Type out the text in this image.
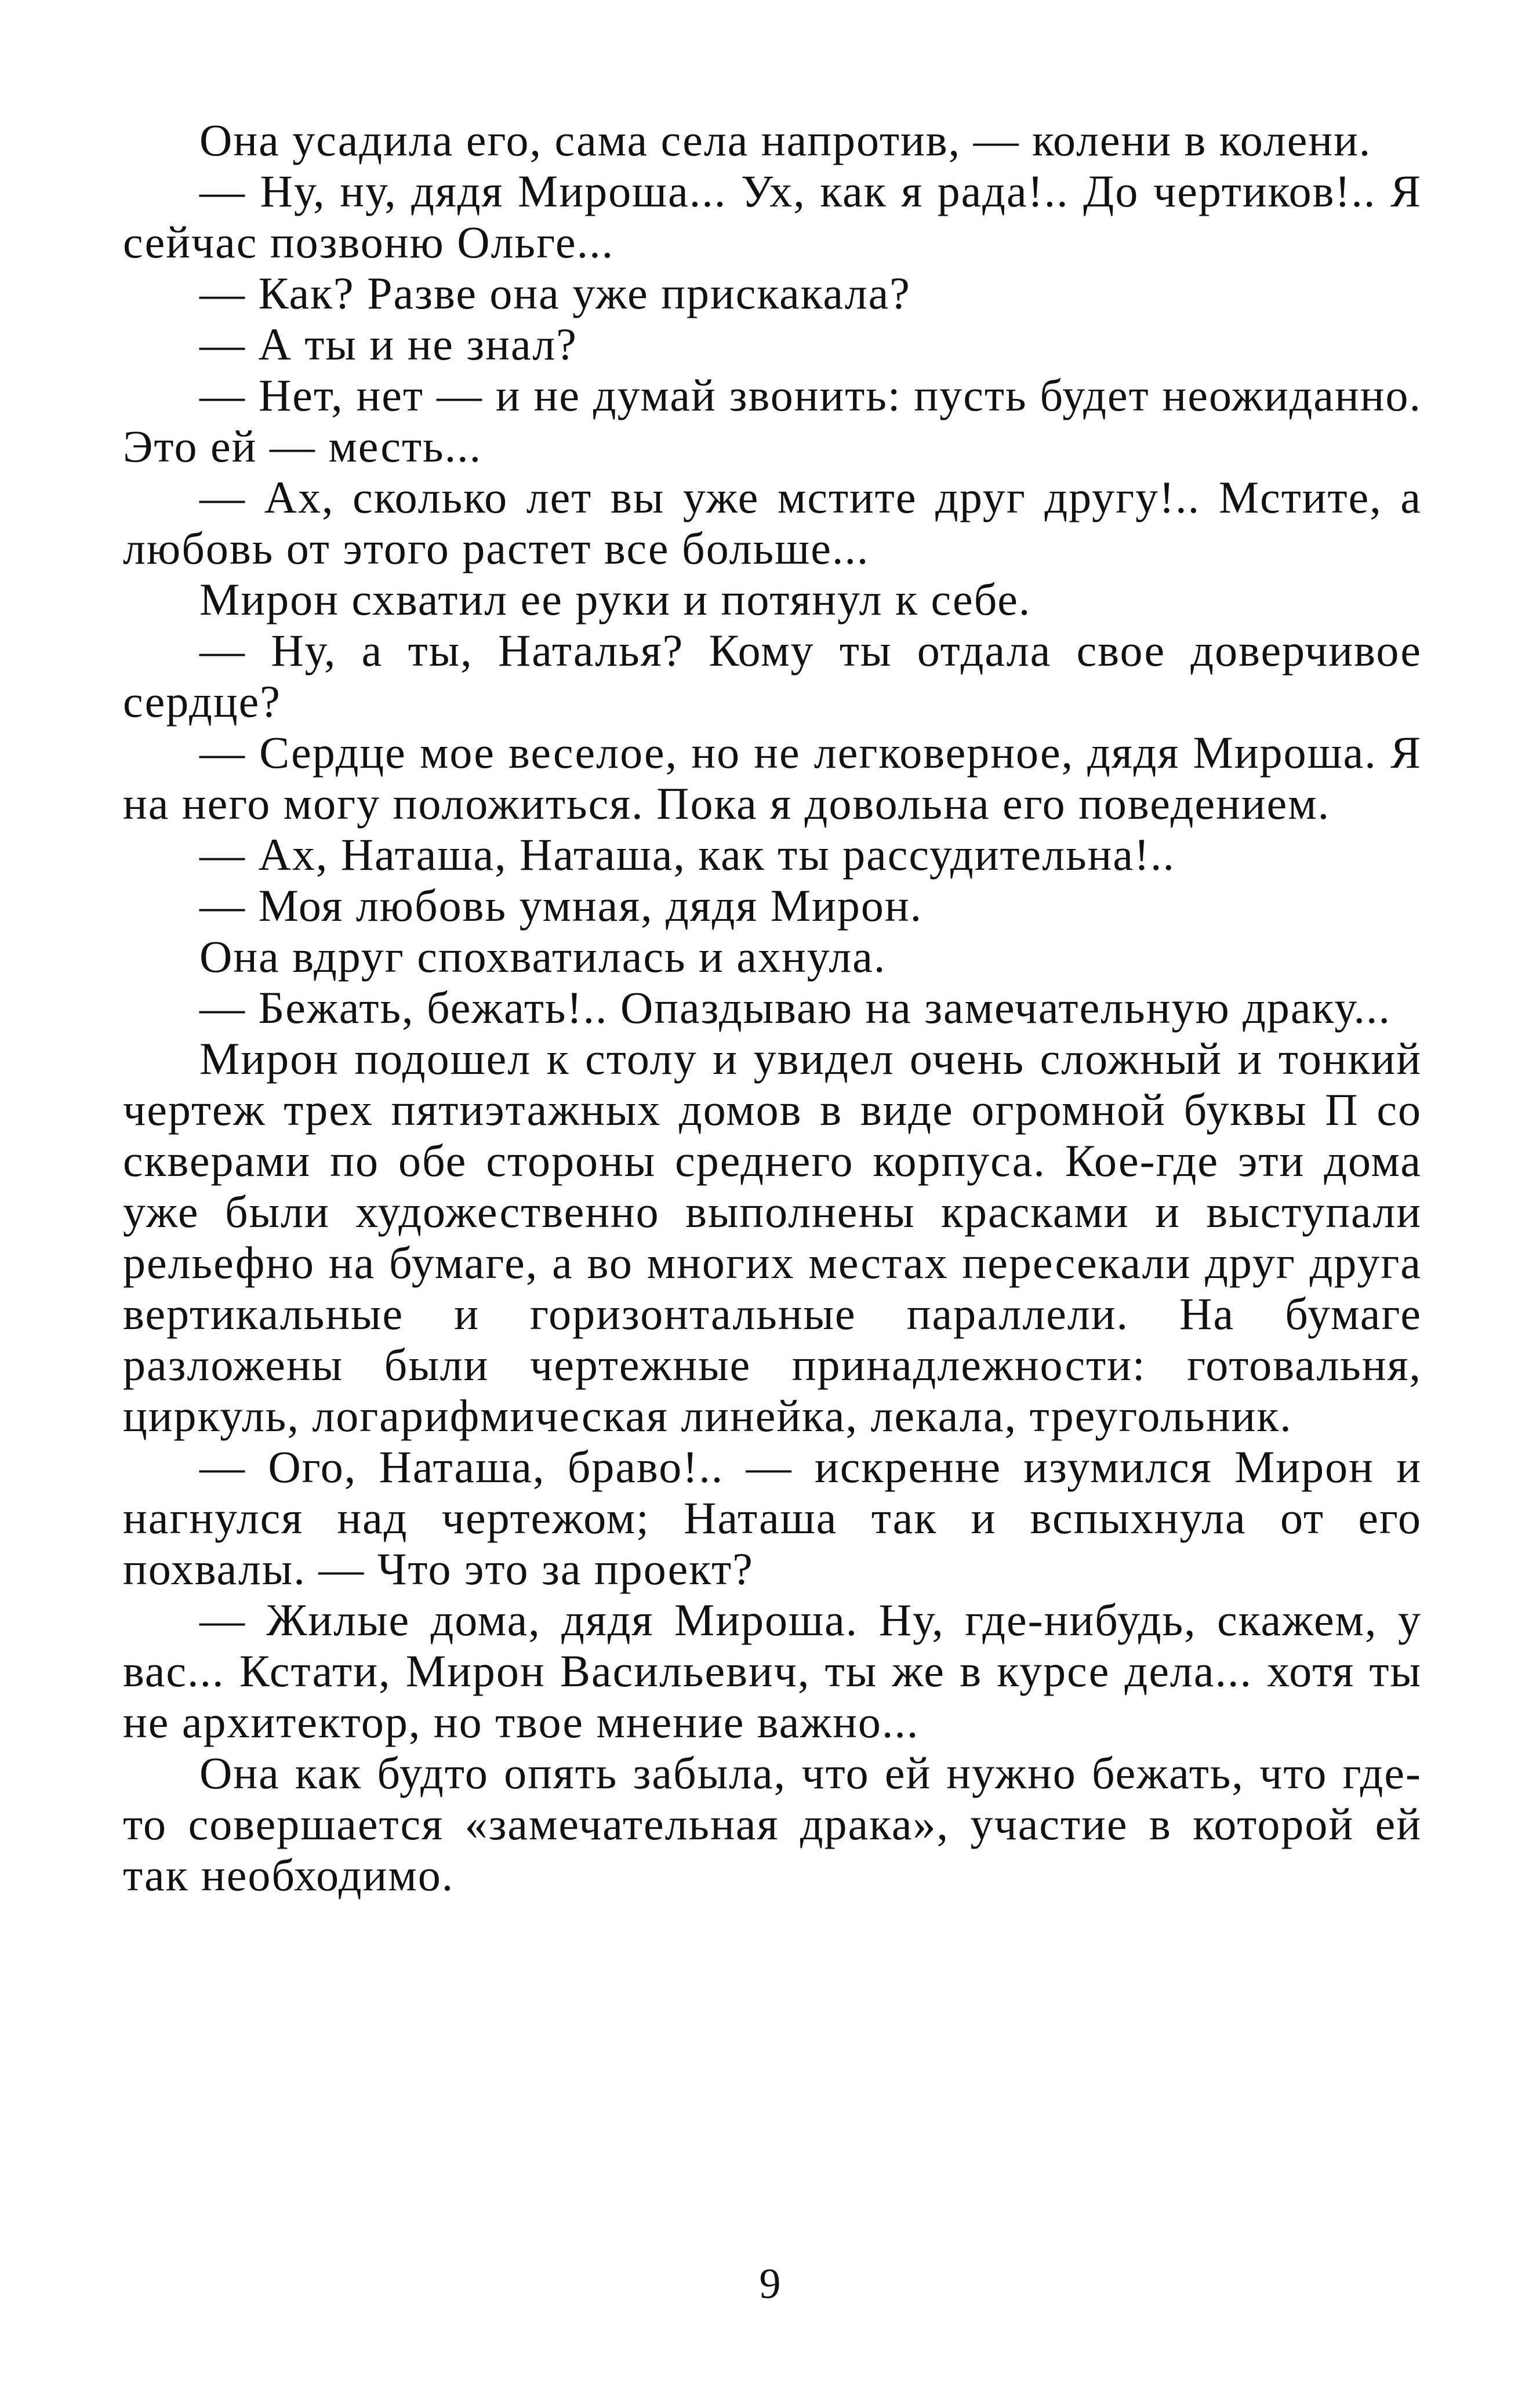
Она усадила его, сама села напротив, — колени в колени.

— Ну, ну, дядя Мироша... Ух, как я рада!.. До чертиков!.. Я сейчас позвоню Ольге...

— Как? Разве она уже прискакала?

— А ты и не знал?

— Нет, нет — и не думай звонить: пусть будет неожиданно. Это ей — месть...

— Ах, сколько лет вы уже мстите друг другу!.. Мстите, а любовь от этого растет все больше...

Мирон схватил ее руки и потянул к себе.

— Ну, а ты, Наталья? Кому ты отдала свое доверчивое сердце?

— Сердце мое веселое, но не легковерное, дядя Мироша. Я на него могу положиться. Пока я довольна его поведением.

— Ах, Наташа, Наташа, как ты рассудительна!..

— Моя любовь умная, дядя Мирон.

Она вдруг спохватилась и ахнула.

— Бежать, бежать!.. Опаздываю на замечательную драку...

Мирон подошел к столу и увидел очень сложный и тонкий чертеж трех пятиэтажных домов в виде огромной буквы П со скверами по обе стороны среднего корпуса. Кое-где эти дома уже были художественно выполнены красками и выступали рельефно на бумаге, а во многих местах пересекали друг друга вертикальные и горизонтальные параллели. На бумаге разложены были чертежные принадлежности: готовальня, циркуль, логарифмическая линейка, лекала, треугольник.

— Ого, Наташа, браво!.. — искренне изумился Мирон и нагнулся над чертежом; Наташа так и вспыхнула от его похвалы. — Что это за проект?

— Жилые дома, дядя Мироша. Ну, где-нибудь, скажем, у вас... Кстати, Мирон Васильевич, ты же в курсе дела... хотя ты не архитектор, но твое мнение важно...

Она как будто опять забыла, что ей нужно бежать, что где-то совершается «замечательная драка», участие в которой ей так необходимо.

9
